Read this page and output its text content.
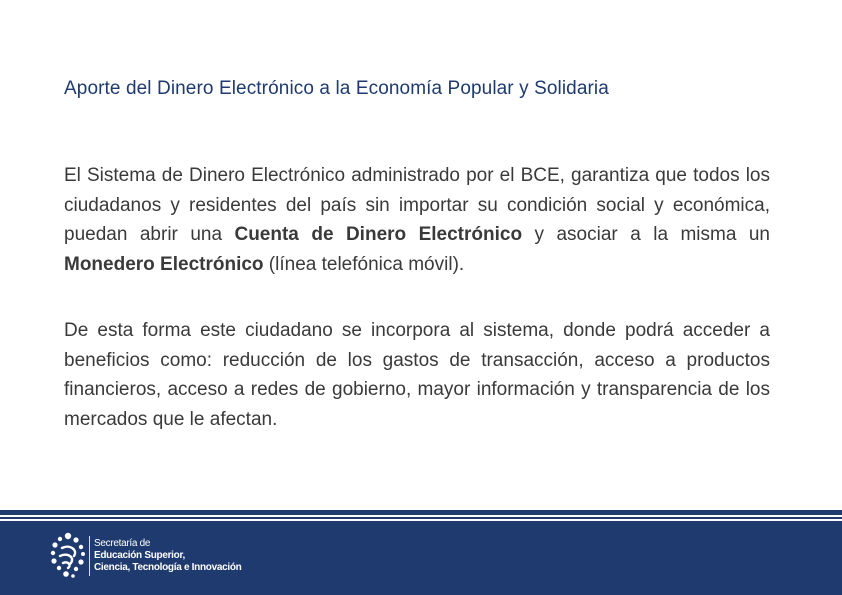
Aporte del Dinero Electrónico a la Economía Popular y Solidaria

El Sistema de Dinero Electrónico administrado por el BCE, garantiza que todos los ciudadanos y residentes del país sin importar su condición social y económica, puedan abrir una Cuenta de Dinero Electrónico y asociar a la misma un Monedero Electrónico (línea telefónica móvil).

De esta forma este ciudadano se incorpora al sistema, donde podrá acceder a beneficios como: reducción de los gastos de transacción, acceso a productos financieros, acceso a redes de gobierno, mayor información y transparencia de los mercados que le afectan.

Secretaría de
Educación Superior,
Ciencia, Tecnología e Innovación
